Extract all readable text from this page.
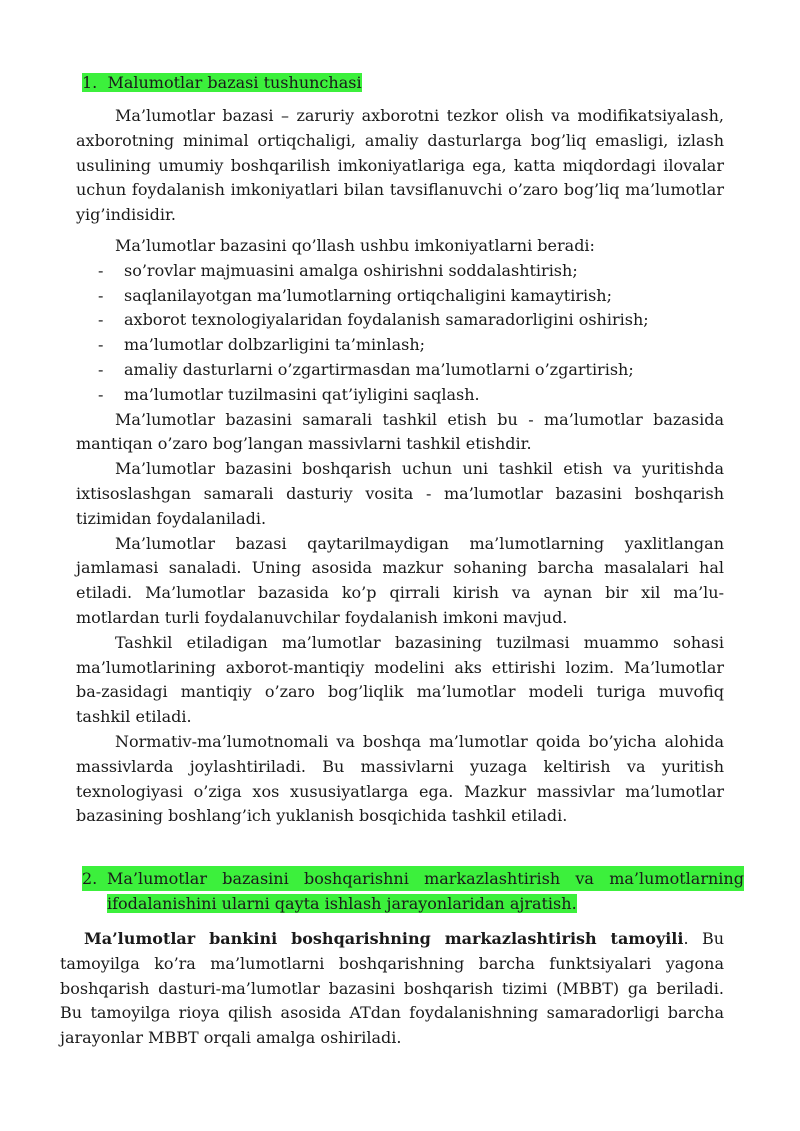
1. Malumotlar bazasi tushunchasi

Ma’lumotlar bazasi – zaruriy axborotni tezkor olish va modifikatsiyalash, axborotning minimal ortiqchaligi, amaliy dasturlarga bog’liq emasligi, izlash usulining umumiy boshqarilish imkoniyatlariga ega, katta miqdordagi ilovalar uchun foydalanish imkoniyatlari bilan tavsiflanuvchi o’zaro bog’liq ma’lumotlar yig’indisidir.

Ma’lumotlar bazasini qo’llash ushbu imkoniyatlarni beradi:

- so’rovlar majmuasini amalga oshirishni soddalashtirish;
- saqlanilayotgan ma’lumotlarning ortiqchaligini kamaytirish;
- axborot texnologiyalaridan foydalanish samaradorligini oshirish;
- ma’lumotlar dolbzarligini ta’minlash;
- amaliy dasturlarni o’zgartirmasdan ma’lumotlarni o’zgartirish;
- ma’lumotlar tuzilmasini qat’iyligini saqlash.

Ma’lumotlar bazasini samarali tashkil etish bu - ma’lumotlar bazasida mantiqan o’zaro bog’langan massivlarni tashkil etishdir.

Ma’lumotlar bazasini boshqarish uchun uni tashkil etish va yuritishda ixtisoslashgan samarali dasturiy vosita - ma’lumotlar bazasini boshqarish tizimidan foydalaniladi.

Ma’lumotlar bazasi qaytarilmaydigan ma’lumotlarning yaxlitlangan jamlamasi sanaladi. Uning asosida mazkur sohaning barcha masalalari hal etiladi. Ma’lumotlar bazasida ko’p qirrali kirish va aynan bir xil ma’lu-motlardan turli foydalanuvchilar foydalanish imkoni mavjud.

Tashkil etiladigan ma’lumotlar bazasining tuzilmasi muammo sohasi ma’lumotlarining axborot-mantiqiy modelini aks ettirishi lozim. Ma’lumotlar ba-zasidagi mantiqiy o’zaro bog’liqlik ma’lumotlar modeli turiga muvofiq tashkil etiladi.

Normativ-ma’lumotnomali va boshqa ma’lumotlar qoida bo’yicha alohida massivlarda joylashtiriladi. Bu massivlarni yuzaga keltirish va yuritish texnologiyasi o’ziga xos xususiyatlarga ega. Mazkur massivlar ma’lumotlar bazasining boshlang’ich yuklanish bosqichida tashkil etiladi.

2. Ma’lumotlar bazasini boshqarishni markazlashtirish va ma’lumotlarning
ifodalanishini ularni qayta ishlash jarayonlaridan ajratish.

Ma’lumotlar bankini boshqarishning markazlashtirish tamoyili. Bu tamoyilga ko’ra ma’lumotlarni boshqarishning barcha funktsiyalari yagona boshqarish dasturi-ma’lumotlar bazasini boshqarish tizimi (MBBT) ga beriladi. Bu tamoyilga rioya qilish asosida ATdan foydalanishning samaradorligi barcha jarayonlar MBBT orqali amalga oshiriladi.
